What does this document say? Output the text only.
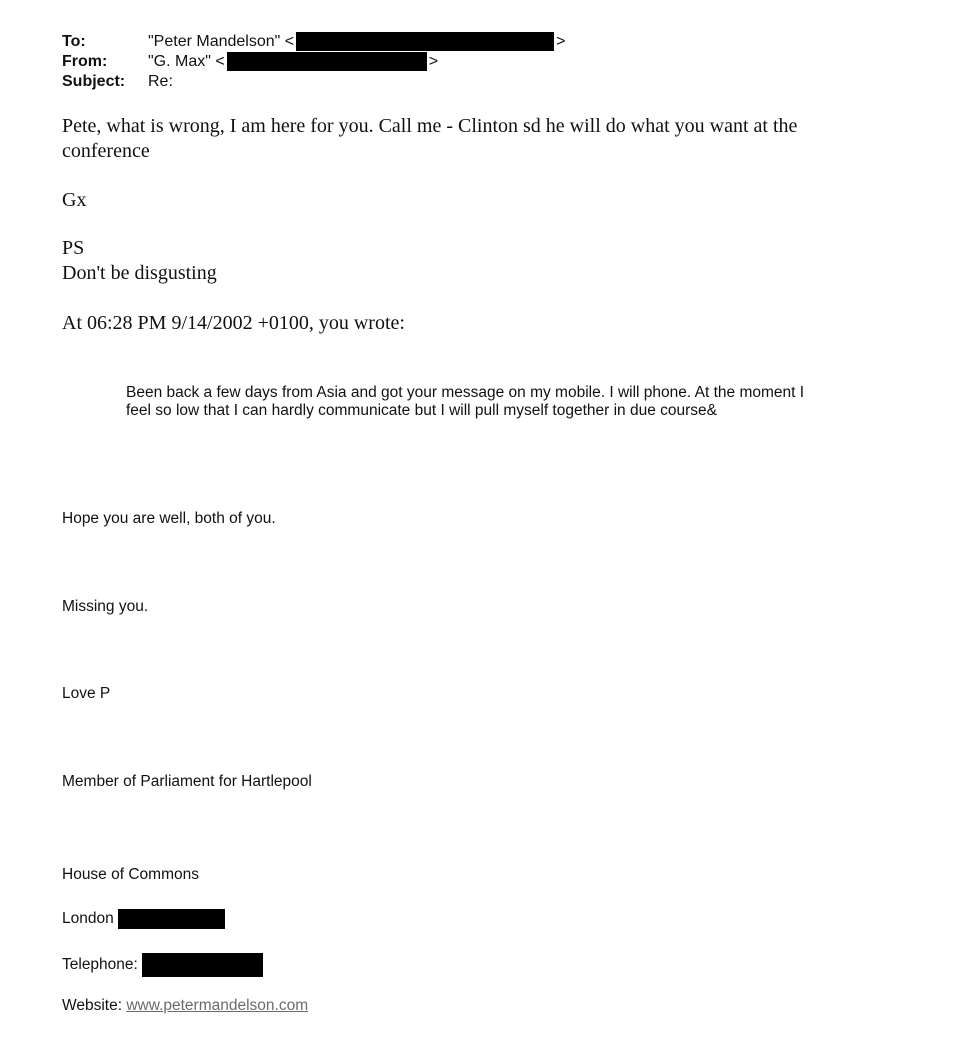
To:	"Peter Mandelson" <	>
From:	"G. Max" <	>
Subject: Re:
Pete, what is wrong, I am here for you. Call me - Clinton sd he will do what you want at the
conference
Gx
PS
Don't be disgusting
At 06:28 PM 9/14/2002 +0100, you wrote:
Been back a few days from Asia and got your message on my mobile. I will phone. At the moment I feel so low that I can hardly communicate but I will pull myself together in due course&
Hope you are well, both of you.
Missing you.
Love P
Member of Parliament for Hartlepool
House of Commons
London
Telephone:
Website: www.petermandelson.com
